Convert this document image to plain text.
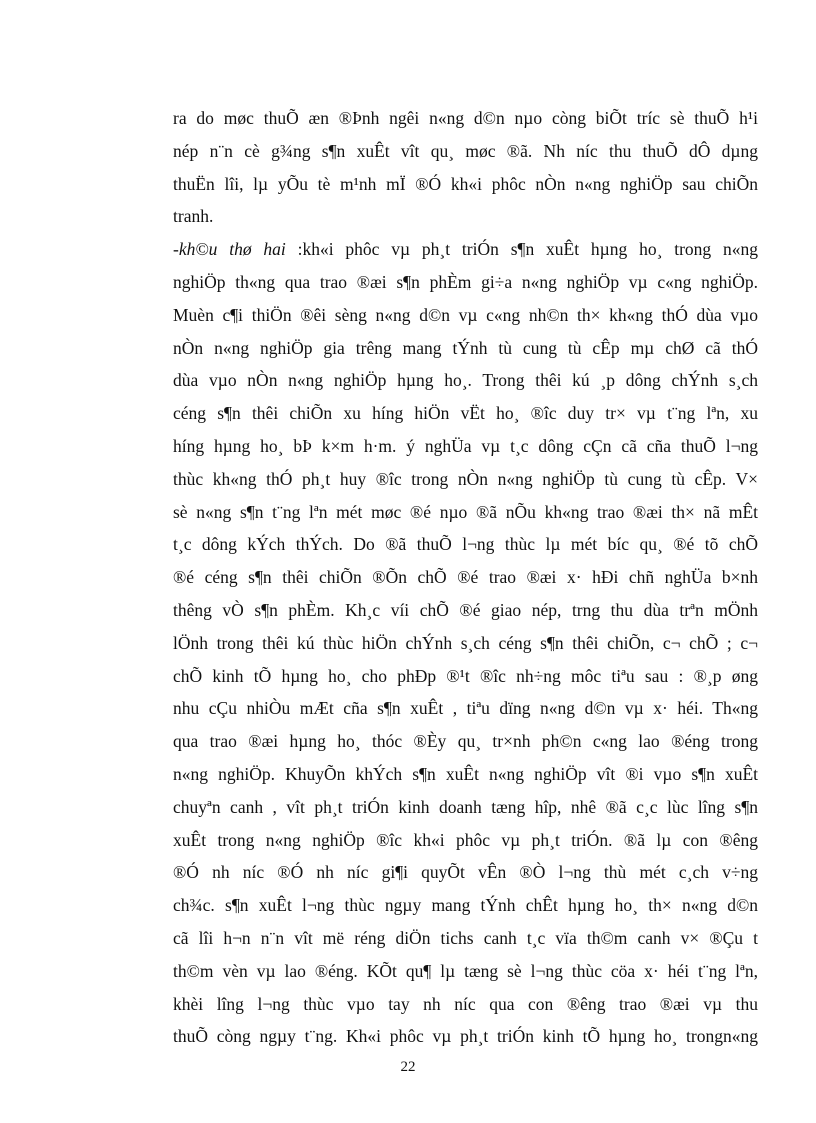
ra do møc thuÕ æn ®Þnh ngêi n«ng d©n nµo còng biÕt tríc sè thuÕ h¹i
nép n¨n cè g¾ng s¶n xuÊt vît qu¸ møc ®ã. Nh níc thu thuÕ dÔ dµng
thuËn lîi, lµ yÕu tè m¹nh mÏ ®Ó kh«i phôc nÒn n«ng nghiÖp sau chiÕn
tranh.
-kh©u thø hai :kh«i phôc vµ ph¸t triÓn s¶n xuÊt hµng ho¸ trong n«ng
nghiÖp th«ng qua trao ®æi s¶n phÈm gi÷a n«ng nghiÖp vµ c«ng nghiÖp.
Muèn c¶i thiÖn ®êi sèng n«ng d©n vµ c«ng nh©n th× kh«ng thÓ dùa vµo
nÒn n«ng nghiÖp gia trêng mang tÝnh tù cung tù cÊp mµ chØ cã thÓ
dùa vµo nÒn n«ng nghiÖp hµng ho¸. Trong thêi kú ¸p dông chÝnh s¸ch
céng s¶n thêi chiÕn xu híng hiÖn vËt ho¸ ®îc duy tr× vµ t¨ng lªn, xu
híng hµng ho¸ bÞ k×m h·m. ý nghÜa vµ t¸c dông cÇn cã cña thuÕ l¬ng
thùc kh«ng thÓ ph¸t huy ®îc trong nÒn n«ng nghiÖp tù cung tù cÊp. V×
sè n«ng s¶n t¨ng lªn mét møc ®é nµo ®ã nÕu kh«ng trao ®æi th× nã mÊt
t¸c dông kÝch thÝch. Do ®ã thuÕ l¬ng thùc lµ mét bíc qu¸ ®é tõ chÕ
®é céng s¶n thêi chiÕn ®Õn chÕ ®é trao ®æi x· hÐi chñ nghÜa b×nh
thêng vÒ s¶n phÈm. Kh¸c víi chÕ ®é giao nép, trng thu dùa trªn mÖnh
lÖnh trong thêi kú thùc hiÖn chÝnh s¸ch céng s¶n thêi chiÕn, c¬ chÕ ; c¬
chÕ kinh tÕ hµng ho¸ cho phÐp ®¹t ®îc nh÷ng môc tiªu sau : ®¸p øng
nhu cÇu nhiÒu mÆt cña s¶n xuÊt , tiªu dïng n«ng d©n vµ x· héi. Th«ng
qua trao ®æi hµng ho¸ thóc ®Èy qu¸ tr×nh ph©n c«ng lao ®éng trong
n«ng nghiÖp. KhuyÕn khÝch s¶n xuÊt n«ng nghiÖp vît ®i vµo s¶n xuÊt
chuyªn canh , vît ph¸t triÓn kinh doanh tæng hîp, nhê ®ã c¸c lùc lîng s¶n
xuÊt trong n«ng nghiÖp ®îc kh«i phôc vµ ph¸t triÓn. ®ã lµ con ®êng
®Ó nh níc ®Ó nh níc gi¶i quyÕt vÊn ®Ò l¬ng thù mét c¸ch v÷ng
ch¾c. s¶n xuÊt l¬ng thùc ngµy mang tÝnh chÊt hµng ho¸ th× n«ng d©n
cã lîi h¬n n¨n vît më réng diÖn tichs canh t¸c vïa th©m canh v× ®Çu t
th©m vèn vµ lao ®éng. KÕt qu¶ lµ tæng sè l¬ng thùc cöa x· héi t¨ng lªn,
khèi lîng l¬ng thùc vµo tay nh níc qua con ®êng trao ®æi vµ thu
thuÕ còng ngµy t¨ng. Kh«i phôc vµ ph¸t triÓn kinh tÕ hµng ho¸ trongn«ng
22
